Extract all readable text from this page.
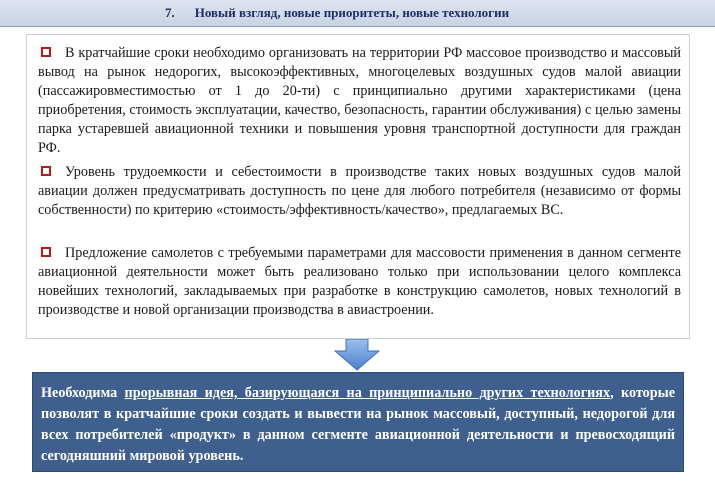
7. Новый взгляд, новые приоритеты, новые технологии
В кратчайшие сроки необходимо организовать на территории РФ массовое производство и массовый вывод на рынок недорогих, высокоэффективных, многоцелевых воздушных судов малой авиации (пассажировместимостью от 1 до 20-ти) с принципиально другими характеристиками (цена приобретения, стоимость эксплуатации, качество, безопасность, гарантии обслуживания) с целью замены парка устаревшей авиационной техники и повышения уровня транспортной доступности для граждан РФ.
Уровень трудоемкости и себестоимости в производстве таких новых воздушных судов малой авиации должен предусматривать доступность по цене для любого потребителя (независимо от формы собственности) по критерию «стоимость/эффективность/качество», предлагаемых ВС.
Предложение самолетов с требуемыми параметрами для массовости применения в данном сегменте авиационной деятельности может быть реализовано только при использовании целого комплекса новейших технологий, закладываемых при разработке в конструкцию самолетов, новых технологий в производстве и новой организации производства в авиастроении.
Необходима прорывная идея, базирующаяся на принципиально других технологиях, которые позволят в кратчайшие сроки создать и вывести на рынок массовый, доступный, недорогой для всех потребителей «продукт» в данном сегменте авиационной деятельности и превосходящий сегодняшний мировой уровень.
